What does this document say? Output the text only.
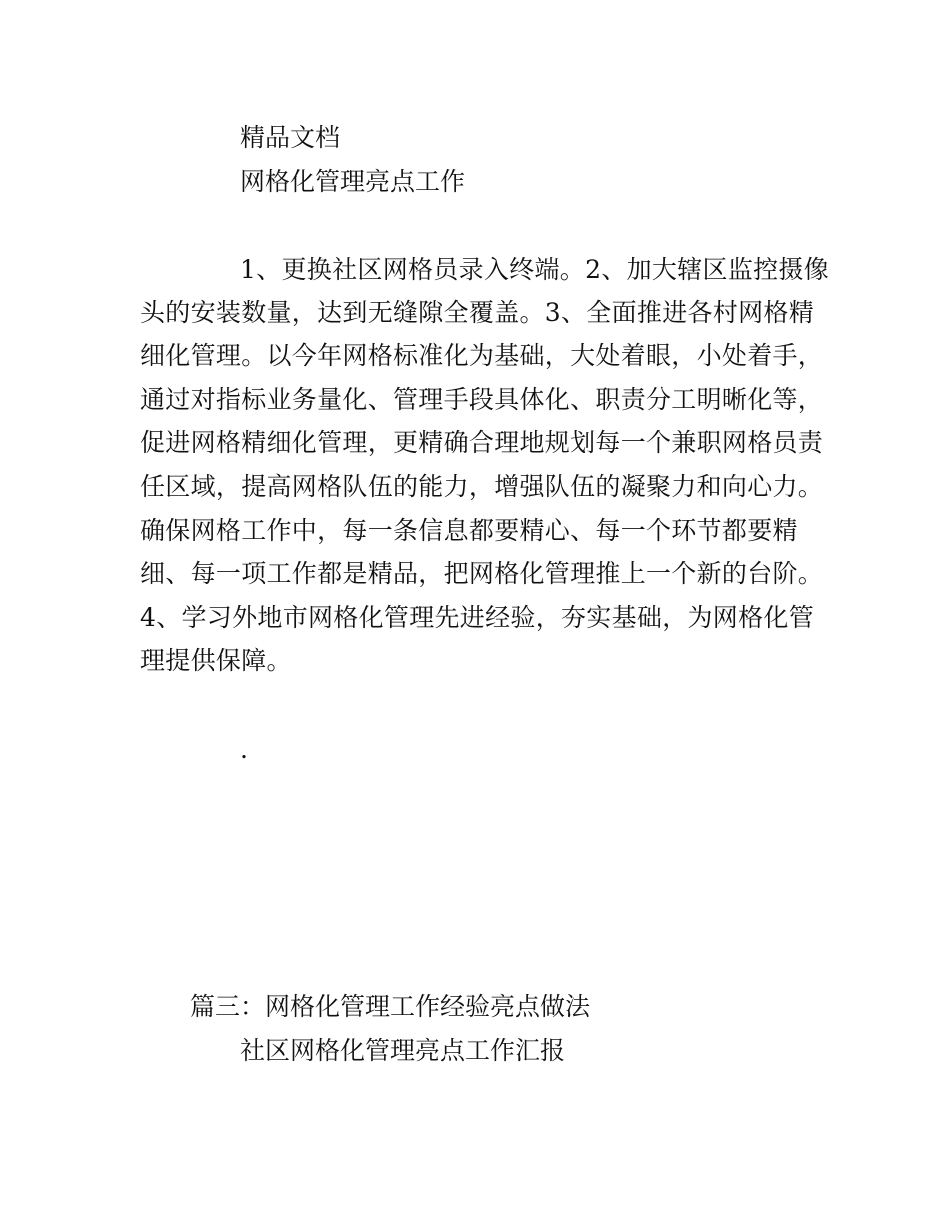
精品文档
网格化管理亮点工作
1、更换社区网格员录入终端。2、加大辖区监控摄像
头的安装数量，达到无缝隙全覆盖。3、全面推进各村网格精
细化管理。以今年网格标准化为基础，大处着眼，小处着手，
通过对指标业务量化、管理手段具体化、职责分工明晰化等，
促进网格精细化管理，更精确合理地规划每一个兼职网格员责
任区域，提高网格队伍的能力，增强队伍的凝聚力和向心力。
确保网格工作中，每一条信息都要精心、每一个环节都要精
细、每一项工作都是精品，把网格化管理推上一个新的台阶。
4、学习外地市网格化管理先进经验，夯实基础，为网格化管
理提供保障。
.
篇三：网格化管理工作经验亮点做法
社区网格化管理亮点工作汇报
